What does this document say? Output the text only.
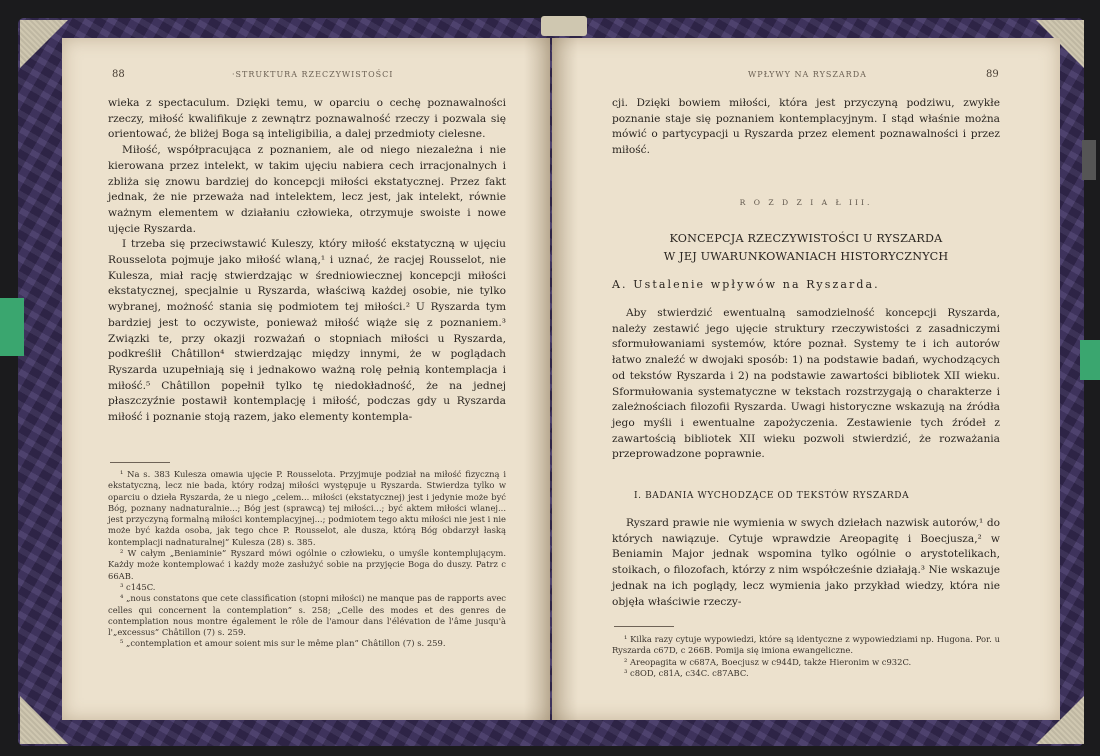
88	·STRUKTURA RZECZYWISTOŚCI

wieka z spectaculum. Dzięki temu, w oparciu o cechę poznawalności rzeczy, miłość kwalifikuje z zewnątrz poznawalność rzeczy i pozwala się orientować, że bliżej Boga są inteligibilia, a dalej przedmioty cielesne.

Miłość, współpracująca z poznaniem, ale od niego niezależna i nie kierowana przez intelekt, w takim ujęciu nabiera cech irracjonalnych i zbliża się znowu bardziej do koncepcji miłości ekstatycznej. Przez fakt jednak, że nie przeważa nad intelektem, lecz jest, jak intelekt, równie ważnym elementem w działaniu człowieka, otrzymuje swoiste i nowe ujęcie Ryszarda.

I trzeba się przeciwstawić Kuleszy, który miłość ekstatyczną w ujęciu Rousselota pojmuje jako miłość wlaną,¹ i uznać, że racjej Rousselot, nie Kulesza, miał rację stwierdzając w średniowiecznej koncepcji miłości ekstatycznej, specjalnie u Ryszarda, właściwą każdej osobie, nie tylko wybranej, możność stania się podmiotem tej miłości.² U Ryszarda tym bardziej jest to oczywiste, ponieważ miłość wiąże się z poznaniem.³ Związki te, przy okazji rozważań o stopniach miłości u Ryszarda, podkreślił Châtillon⁴ stwierdzając między innymi, że w poglądach Ryszarda uzupełniają się i jednakowo ważną rolę pełnią kontemplacja i miłość.⁵ Châtillon popełnił tylko tę niedokładność, że na jednej płaszczyźnie postawił kontemplację i miłość, podczas gdy u Ryszarda miłość i poznanie stoją razem, jako elementy kontempla-

¹ Na s. 383 Kulesza omawia ujęcie P. Rousselota. Przyjmuje podział na miłość fizyczną i ekstatyczną, lecz nie bada, który rodzaj miłości występuje u Ryszarda. Stwierdza tylko w oparciu o dzieła Ryszarda, że u niego „celem... miłości (ekstatycznej) jest i jedynie może być Bóg, poznany nadnaturalnie...; Bóg jest (sprawcą) tej miłości...; być aktem miłości wlanej... jest przyczyną formalną miłości kontemplacyjnej...; podmiotem tego aktu miłości nie jest i nie może być każda osoba, jak tego chce P. Rousselot, ale dusza, którą Bóg obdarzył łaską kontemplacji nadnaturalnej” Kulesza (28) s. 385.

² W całym „Beniaminie” Ryszard mówi ogólnie o człowieku, o umyśle kontemplującym. Każdy może kontemplować i każdy może zasłużyć sobie na przyjęcie Boga do duszy. Patrz c 66AB.

³ c145C.

⁴ „nous constatons que cete classification (stopni miłości) ne manque pas de rapports avec celles qui concernent la contemplation” s. 258; „Celle des modes et des genres de contemplation nous montre également le rôle de l'amour dans l'élévation de l'âme jusqu'à l'„excessus” Châtillon (7) s. 259.

⁵ „contemplation et amour soient mis sur le même plan” Châtillon (7) s. 259.

WPŁYWY NA RYSZARDA	89

cji. Dzięki bowiem miłości, która jest przyczyną podziwu, zwykłe poznanie staje się poznaniem kontemplacyjnym. I stąd właśnie można mówić o partycypacji u Ryszarda przez element poznawalności i przez miłość.

R O Z D Z I A Ł III.
KONCEPCJA RZECZYWISTOŚCI U RYSZARDA
W JEJ UWARUNKOWANIACH HISTORYCZNYCH
A. Ustalenie wpływów na Ryszarda.

Aby stwierdzić ewentualną samodzielność koncepcji Ryszarda, należy zestawić jego ujęcie struktury rzeczywistości z zasadniczymi sformułowaniami systemów, które poznał. Systemy te i ich autorów łatwo znaleźć w dwojaki sposób: 1) na podstawie badań, wychodzących od tekstów Ryszarda i 2) na podstawie zawartości bibliotek XII wieku. Sformułowania systematyczne w tekstach rozstrzygają o charakterze i zależnościach filozofii Ryszarda. Uwagi historyczne wskazują na źródła jego myśli i ewentualne zapożyczenia. Zestawienie tych źródeł z zawartością bibliotek XII wieku pozwoli stwierdzić, że rozważania przeprowadzone poprawnie.

I. BADANIA WYCHODZĄCE OD TEKSTÓW RYSZARDA

Ryszard prawie nie wymienia w swych dziełach nazwisk autorów,¹ do których nawiązuje. Cytuje wprawdzie Areopagitę i Boecjusza,² w Beniamin Major jednak wspomina tylko ogólnie o arystotelikach, stoikach, o filozofach, którzy z nim współcześnie działają.³ Nie wskazuje jednak na ich poglądy, lecz wymienia jako przykład wiedzy, która nie objęła właściwie rzeczy-

¹ Kilka razy cytuje wypowiedzi, które są identyczne z wypowiedziami np. Hugona. Por. u Ryszarda c67D, c 266B. Pomija się imiona ewangeliczne.

² Areopagita w c687A, Boecjusz w c944D, także Hieronim w c932C.

³ c8OD, c81A, c34C. c87ABC.
